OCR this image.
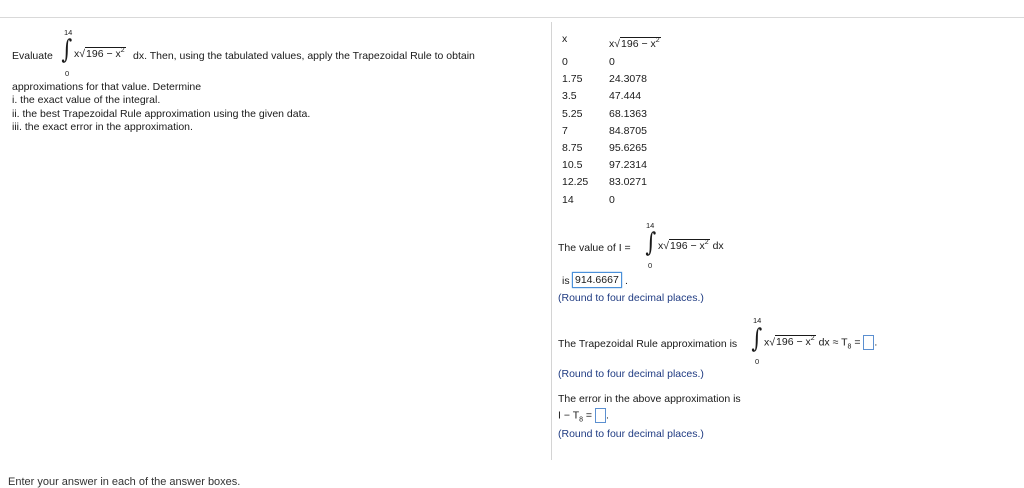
14
Evaluate ∫ $x√196 - x^2$ dx. Then, using the tabulated values, apply the Trapezoidal Rule to obtain
0
approximations for that value. Determine
i. the exact value of the integral.
ii. the best Trapezoidal Rule approximation using the given data.
iii. the exact error in the approximation.
x	$x√196 - x^2$
0	0
1.75	24.3078
3.5	47.444
5.25	68.1363
7	84.8705
8.75	95.6265
10.5	97.2314
12.25 83.0271
14	0
14
The value of I = ∫ $x√196 - x^2$ dx
0
is 914.6667 .
(Round to four decimal places.)
14
The Trapezoidal Rule approximation is ∫ $x√196 - x^2$ dx ≈ $T_8$ = .
0
(Round to four decimal places.)
The error in the above approximation is
$I - T_8$ = .
(Round to four decimal places.)
Enter your answer in each of the answer boxes.
